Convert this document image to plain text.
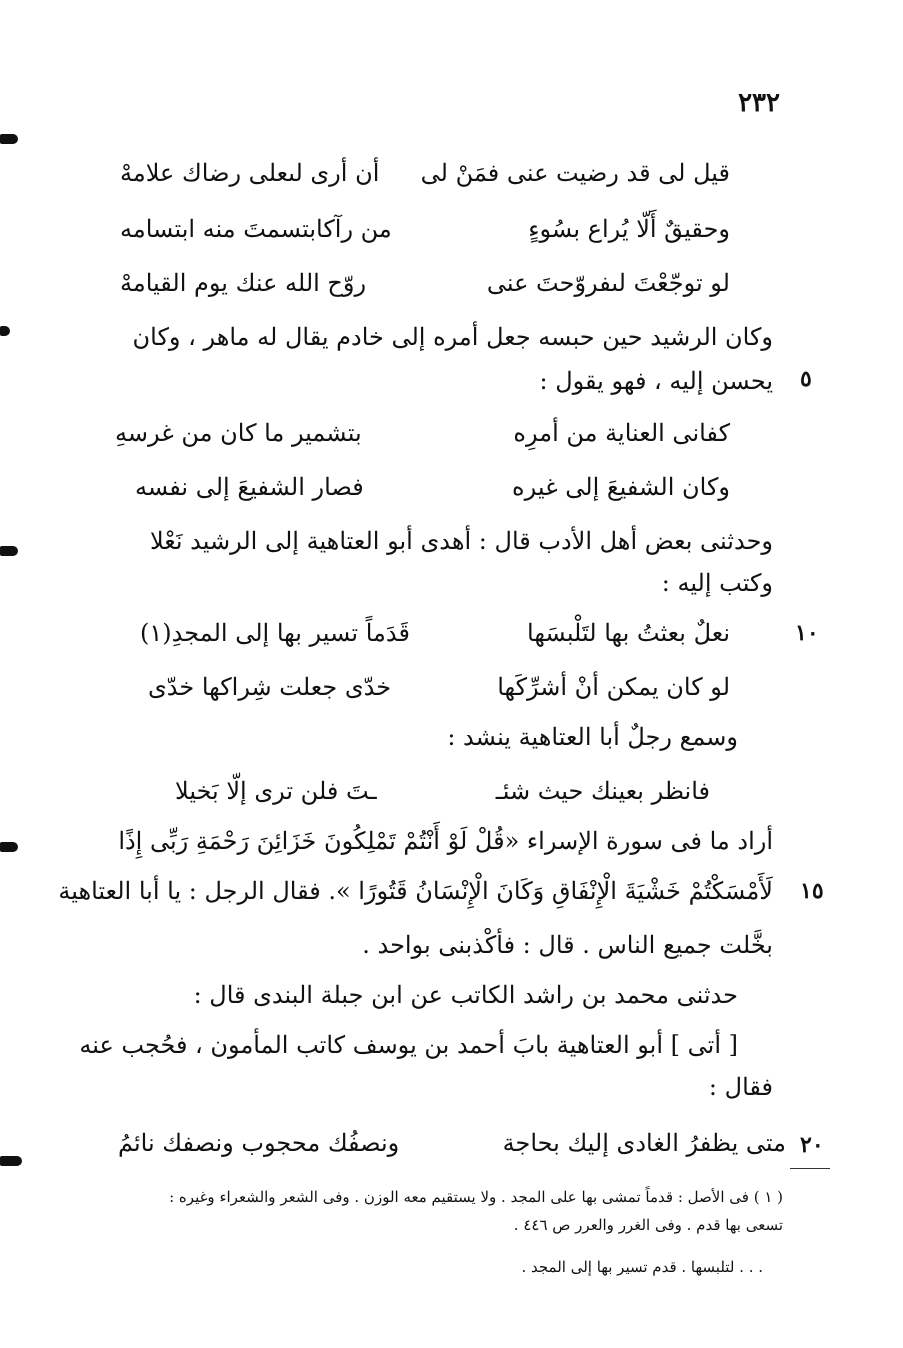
٢٣٢
قيل لى قد رضيت عنى فمَنْ لى
أن أرى لىعلى رضاك علامهْ
وحقيقٌ أَلّا يُراع بسُوءٍ
من رآكابتسمتَ منه ابتسامه
لو توجّعْتَ لىفروّحتَ عنى
روّح الله عنك يوم القيامهْ
وكان الرشيد حين حبسه جعل أمره إلى خادم يقال له ماهر ، وكان
٥
يحسن إليه ، فهو يقول :
كفانى العناية من أمرِه
بتشمير ما كان من غرسهِ
وكان الشفيعَ إلى غيره
فصار الشفيعَ إلى نفسه
وحدثنى بعض أهل الأدب قال : أهدى أبو العتاهية إلى الرشيد نَعْلا
وكتب إليه :
١٠
نعلٌ بعثتُ بها لتَلْبسَها
قَدَماً تسير بها إلى المجدِ(١)
لو كان يمكن أنْ أشرِّكَها
خدّى جعلت شِراكها خدّى
وسمع رجلٌ أبا العتاهية ينشد :
فانظر بعينك حيث شئـ
ـتَ فلن ترى إلّا بَخيلا
أراد ما فى سورة الإسراء «قُلْ لَوْ أَنْتُمْ تَمْلِكُونَ خَزَائِنَ رَحْمَةِ رَبِّى إِذًا
١٥
لَأَمْسَكْتُمْ خَشْيَةَ الْإِنْفَاقِ وَكَانَ الْإِنْسَانُ قَتُورًا ». فقال الرجل : يا أبا العتاهية
بخَّلت جميع الناس . قال : فأكْذبنى بواحد .
حدثنى محمد بن راشد الكاتب عن ابن جبلة البندى قال :
[ أتى ] أبو العتاهية بابَ أحمد بن يوسف كاتب المأمون ، فحُجب عنه
فقال :
٢٠
متى يظفرُ الغادى إليك بحاجة
ونصفُك محجوب ونصفك نائمُ
( ١ ) فى الأصل : قدماً تمشى بها على المجد . ولا يستقيم معه الوزن . وفى الشعر والشعراء وغيره :
تسعى بها قدم . وفى الغرر والعرر ص ٤٤٦ .
. . . لتلبسها . قدم تسير بها إلى المجد .
